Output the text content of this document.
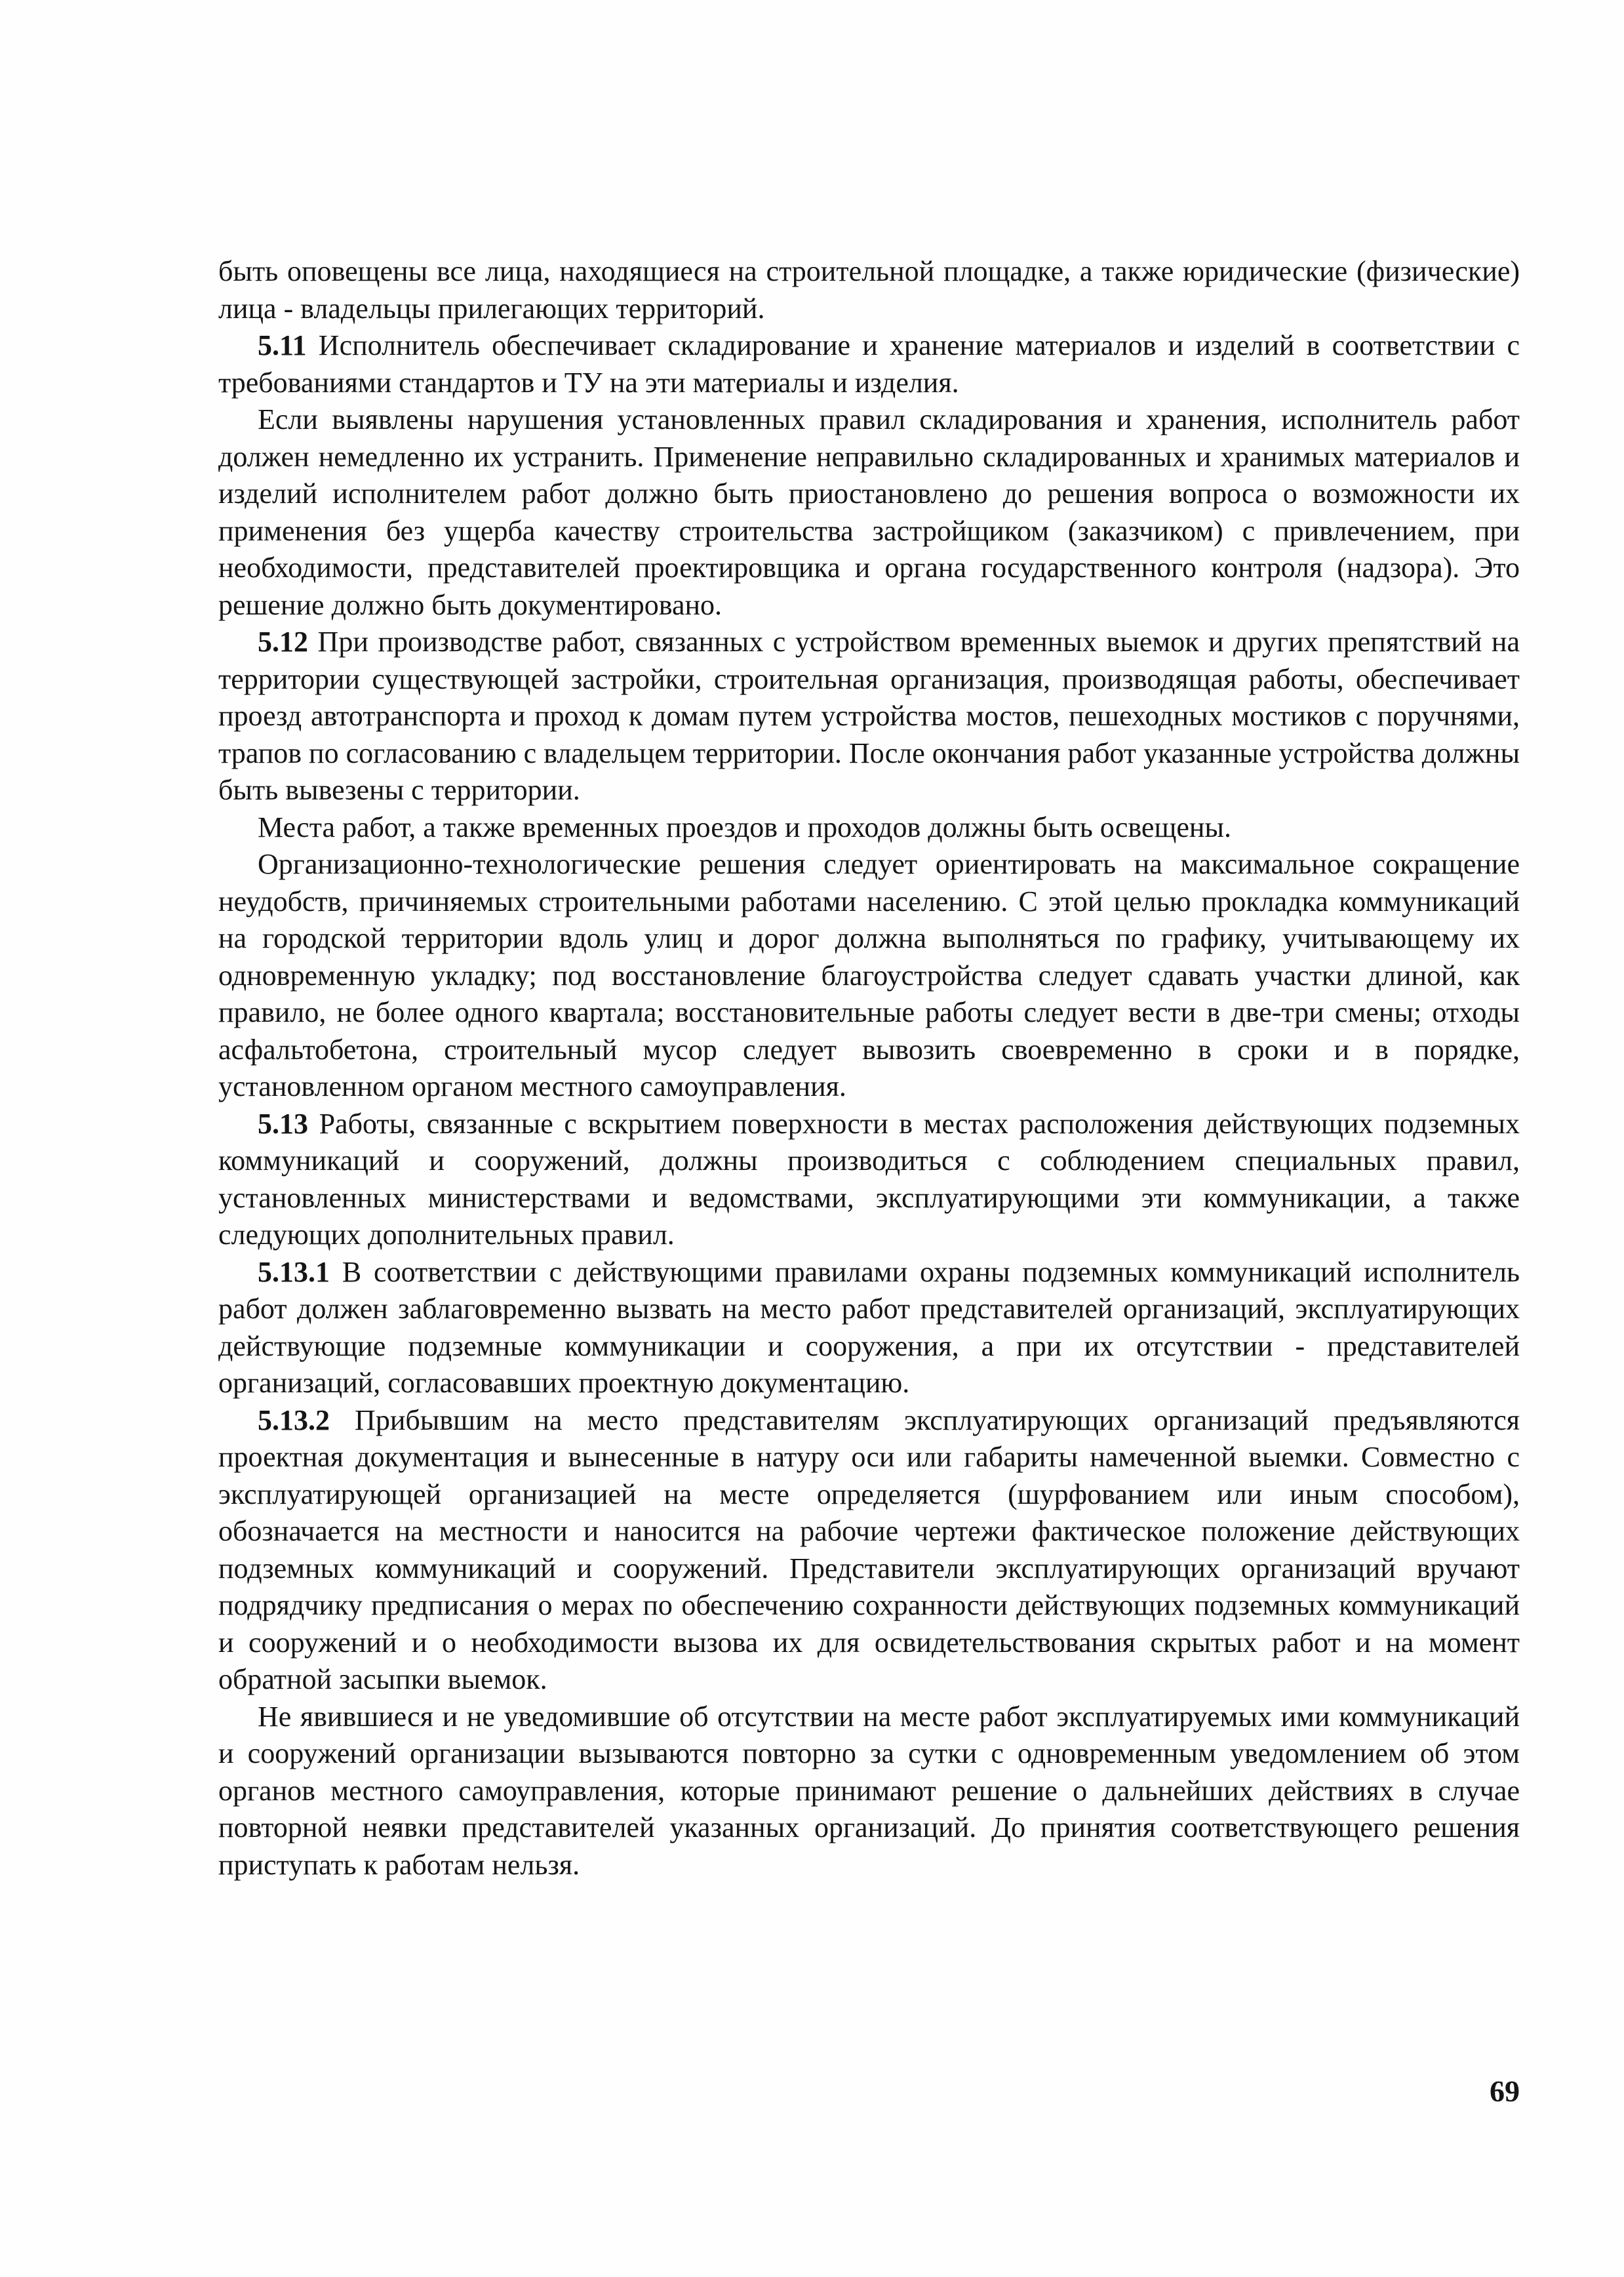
быть оповещены все лица, находящиеся на строительной площадке, а также юридические (физические) лица - владельцы прилегающих территорий.

5.11 Исполнитель обеспечивает складирование и хранение материалов и изделий в соответствии с требованиями стандартов и ТУ на эти материалы и изделия.

Если выявлены нарушения установленных правил складирования и хранения, исполнитель работ должен немедленно их устранить. Применение неправильно складированных и хранимых материалов и изделий исполнителем работ должно быть приостановлено до решения вопроса о возможности их применения без ущерба качеству строительства застройщиком (заказчиком) с привлечением, при необходимости, представителей проектировщика и органа государственного контроля (надзора). Это решение должно быть документировано.

5.12 При производстве работ, связанных с устройством временных выемок и других препятствий на территории существующей застройки, строительная организация, производящая работы, обеспечивает проезд автотранспорта и проход к домам путем устройства мостов, пешеходных мостиков с поручнями, трапов по согласованию с владельцем территории. После окончания работ указанные устройства должны быть вывезены с территории.

Места работ, а также временных проездов и проходов должны быть освещены.

Организационно-технологические решения следует ориентировать на максимальное сокращение неудобств, причиняемых строительными работами населению. С этой целью прокладка коммуникаций на городской территории вдоль улиц и дорог должна выполняться по графику, учитывающему их одновременную укладку; под восстановление благоустройства следует сдавать участки длиной, как правило, не более одного квартала; восстановительные работы следует вести в две-три смены; отходы асфальтобетона, строительный мусор следует вывозить своевременно в сроки и в порядке, установленном органом местного самоуправления.

5.13 Работы, связанные с вскрытием поверхности в местах расположения действующих подземных коммуникаций и сооружений, должны производиться с соблюдением специальных правил, установленных министерствами и ведомствами, эксплуатирующими эти коммуникации, а также следующих дополнительных правил.

5.13.1 В соответствии с действующими правилами охраны подземных коммуникаций исполнитель работ должен заблаговременно вызвать на место работ представителей организаций, эксплуатирующих действующие подземные коммуникации и сооружения, а при их отсутствии - представителей организаций, согласовавших проектную документацию.

5.13.2 Прибывшим на место представителям эксплуатирующих организаций предъявляются проектная документация и вынесенные в натуру оси или габариты намеченной выемки. Совместно с эксплуатирующей организацией на месте определяется (шурфованием или иным способом), обозначается на местности и наносится на рабочие чертежи фактическое положение действующих подземных коммуникаций и сооружений. Представители эксплуатирующих организаций вручают подрядчику предписания о мерах по обеспечению сохранности действующих подземных коммуникаций и сооружений и о необходимости вызова их для освидетельствования скрытых работ и на момент обратной засыпки выемок.

Не явившиеся и не уведомившие об отсутствии на месте работ эксплуатируемых ими коммуникаций и сооружений организации вызываются повторно за сутки с одновременным уведомлением об этом органов местного самоуправления, которые принимают решение о дальнейших действиях в случае повторной неявки представителей указанных организаций. До принятия соответствующего решения приступать к работам нельзя.

69
